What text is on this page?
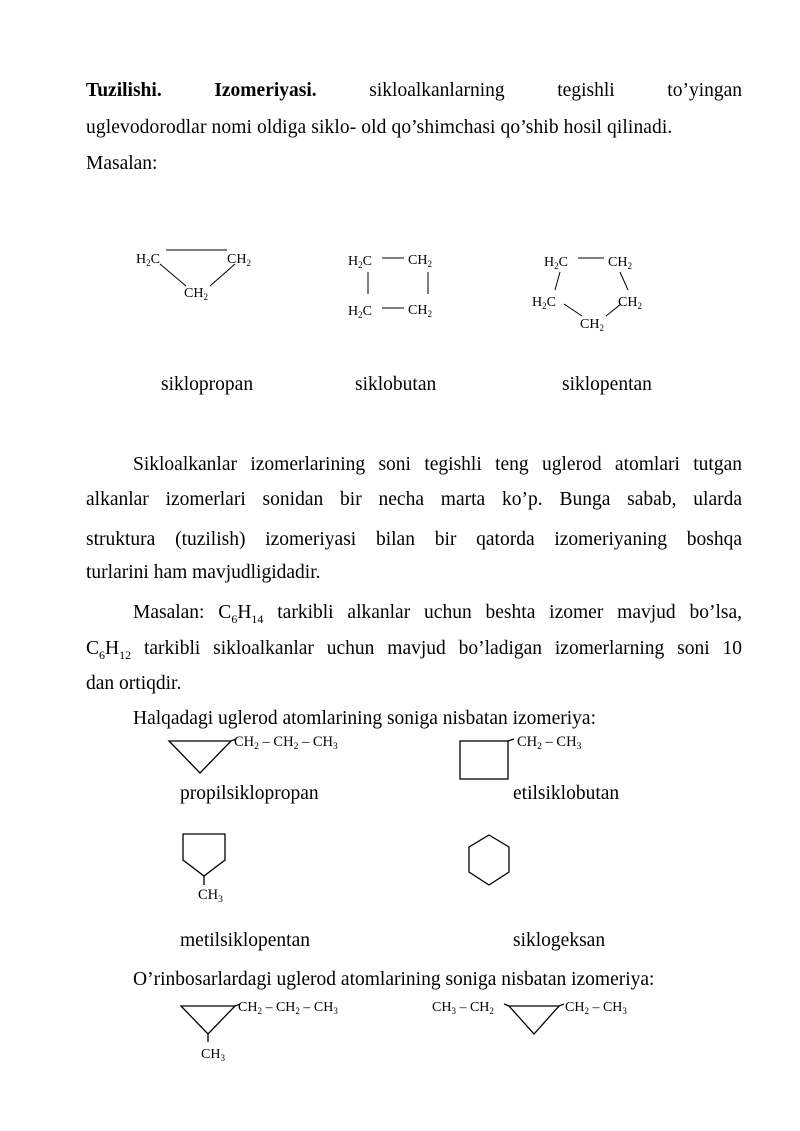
Tuzilishi.	Izomeriyasi.	sikloalkanlarning tegishli to’yingan
uglevodorodlar nomi oldiga siklo- old qo’shimchasi qo’shib hosil qilinadi.
Masalan:
$H_2C$	$CH_2$
$CH_2$
$H_2C$	$CH_2$
$H_2C$	$CH_2$
$H_2C$	$CH_2$
$H_2C$	$CH_2$
$CH_2$
siklopropan	siklobutan	siklopentan
Sikloalkanlar izomerlarining soni tegishli teng uglerod atomlari tutgan
alkanlar izomerlari sonidan bir necha marta ko’p. Bunga sabab, ularda
struktura (tuzilish) izomeriyasi bilan bir qatorda izomeriyaning boshqa
turlarini ham mavjudligidadir.
Masalan: $C_6H_{14}$ tarkibli alkanlar uchun beshta izomer mavjud bo’lsa,
$C_6H_{12}$ tarkibli sikloalkanlar uchun mavjud bo’ladigan izomerlarning soni 10
dan ortiqdir.
Halqadagi uglerod atomlarining soniga nisbatan izomeriya:
$CH_2 - CH_2 - CH_3$	$CH_2 - CH_3$
propilsiklopropan	etilsiklobutan
$CH_3$
metilsiklopentan	siklogeksan
O’rinbosarlardagi uglerod atomlarining soniga nisbatan izomeriya:
$CH_2 - CH_2 - CH_3$
$CH_3$
$CH_3 - CH_2$	$CH_2 - CH_3$
